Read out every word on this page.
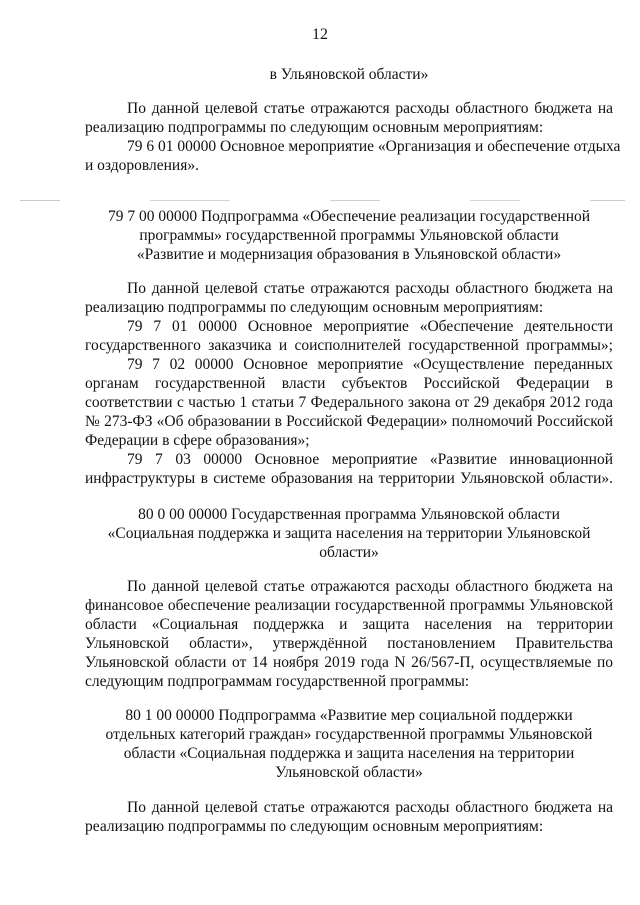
12
в Ульяновской области»
По данной целевой статье отражаются расходы областного бюджета на
реализацию подпрограммы по следующим основным мероприятиям:
79 6 01 00000 Основное мероприятие «Организация и обеспечение отдыха
и оздоровления».
79 7 00 00000 Подпрограмма «Обеспечение реализации государственной
программы» государственной программы Ульяновской области
«Развитие и модернизация образования в Ульяновской области»
По данной целевой статье отражаются расходы областного бюджета на
реализацию подпрограммы по следующим основным мероприятиям:
79 7 01 00000 Основное мероприятие «Обеспечение деятельности
государственного заказчика и соисполнителей государственной программы»;
79 7 02 00000 Основное мероприятие «Осуществление переданных
органам государственной власти субъектов Российской Федерации в
соответствии с частью 1 статьи 7 Федерального закона от 29 декабря 2012 года
№ 273-ФЗ «Об образовании в Российской Федерации» полномочий Российской
Федерации в сфере образования»;
79 7 03 00000 Основное мероприятие «Развитие инновационной
инфраструктуры в системе образования на территории Ульяновской области».
80 0 00 00000 Государственная программа Ульяновской области
«Социальная поддержка и защита населения на территории Ульяновской
области»
По данной целевой статье отражаются расходы областного бюджета на
финансовое обеспечение реализации государственной программы Ульяновской
области «Социальная поддержка и защита населения на территории
Ульяновской области», утверждённой постановлением Правительства
Ульяновской области от 14 ноября 2019 года N 26/567-П, осуществляемые по
следующим подпрограммам государственной программы:
80 1 00 00000 Подпрограмма «Развитие мер социальной поддержки
отдельных категорий граждан» государственной программы Ульяновской
области «Социальная поддержка и защита населения на территории
Ульяновской области»
По данной целевой статье отражаются расходы областного бюджета на
реализацию подпрограммы по следующим основным мероприятиям:
